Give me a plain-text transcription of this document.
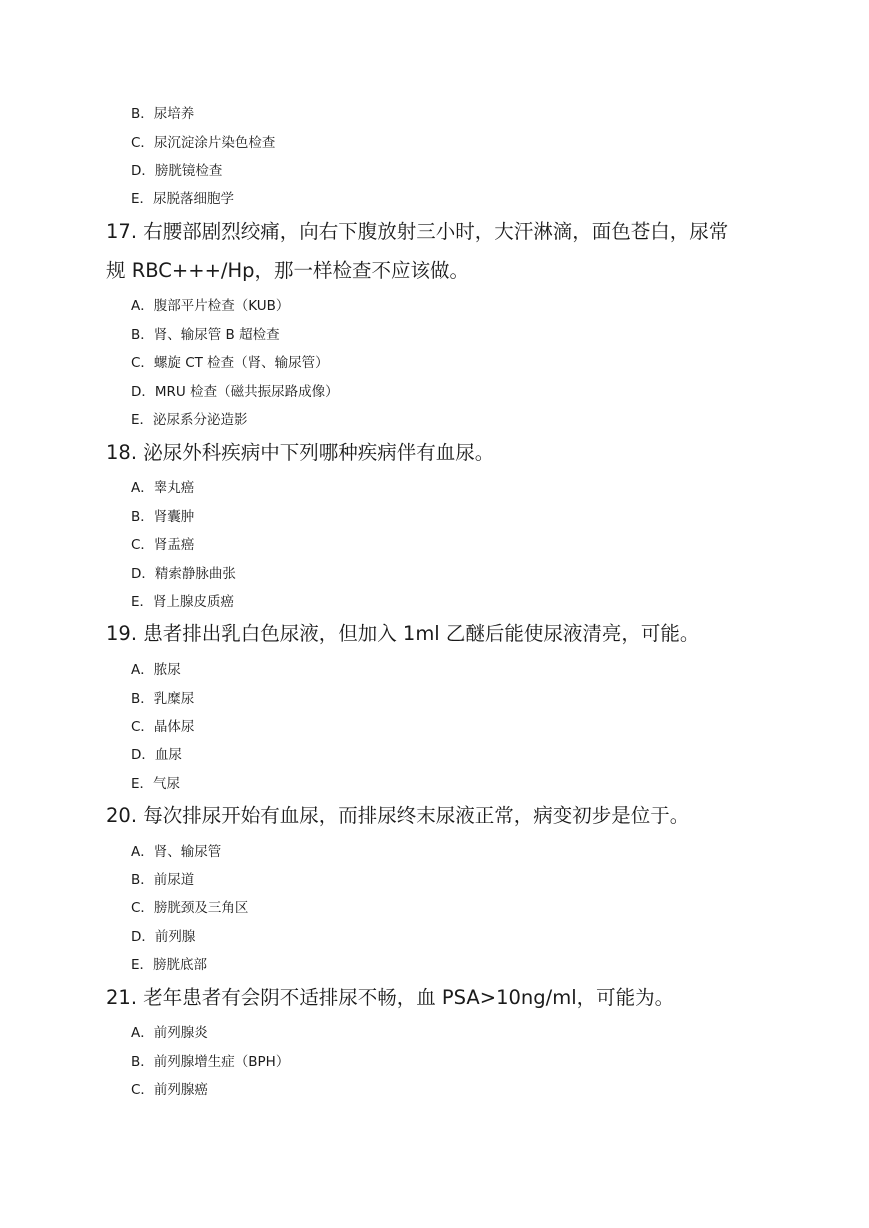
B．尿培养
C．尿沉淀涂片染色检查
D．膀胱镜检查
E．尿脱落细胞学
17. 右腰部剧烈绞痛，向右下腹放射三小时，大汗淋滴，面色苍白，尿常
规 RBC+++/Hp，那一样检查不应该做。
A．腹部平片检查（KUB）
B．肾、输尿管 B 超检查
C．螺旋 CT 检查（肾、输尿管）
D．MRU 检查（磁共振尿路成像）
E．泌尿系分泌造影
18. 泌尿外科疾病中下列哪种疾病伴有血尿。
A．睾丸癌
B．肾囊肿
C．肾盂癌
D．精索静脉曲张
E．肾上腺皮质癌
19. 患者排出乳白色尿液，但加入 1ml 乙醚后能使尿液清亮，可能。
A．脓尿
B．乳糜尿
C．晶体尿
D．血尿
E．气尿
20. 每次排尿开始有血尿，而排尿终末尿液正常，病变初步是位于。
A．肾、输尿管
B．前尿道
C．膀胱颈及三角区
D．前列腺
E．膀胱底部
21. 老年患者有会阴不适排尿不畅，血 PSA>10ng/ml，可能为。
A．前列腺炎
B．前列腺增生症（BPH）
C．前列腺癌
